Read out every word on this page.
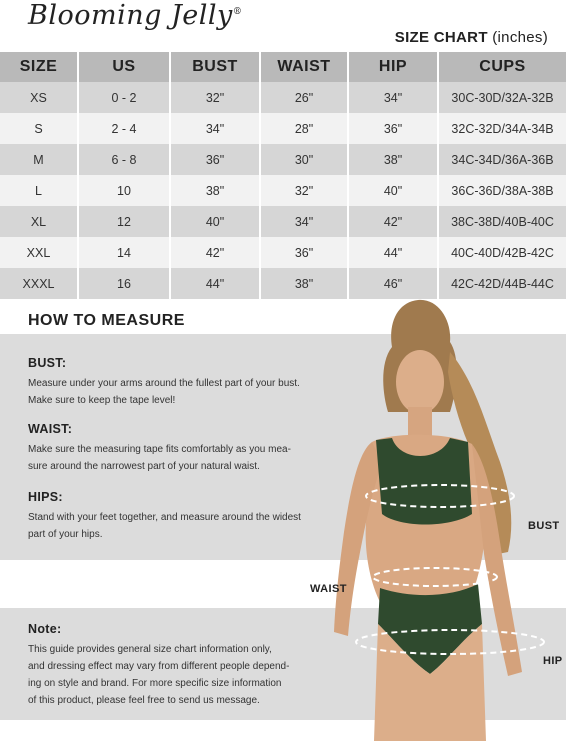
Blooming Jelly®
SIZE CHART (inches)
SIZE	US	BUST	WAIST	HIP	CUPS
XS	0 - 2	32"	26"	34"	30C-30D/32A-32B
S	2 - 4	34"	28"	36"	32C-32D/34A-34B
M	6 - 8	36"	30"	38"	34C-34D/36A-36B
L	10	38"	32"	40"	36C-36D/38A-38B
XL	12	40"	34"	42"	38C-38D/40B-40C
XXL	14	42"	36"	44"	40C-40D/42B-42C
XXXL	16	44"	38"	46"	42C-42D/44B-44C
HOW TO MEASURE
BUST:

Measure under your arms around the fullest part of your bust.

Make sure to keep the tape level!

WAIST:

Make sure the measuring tape fits comfortably as you mea-

sure around the narrowest part of your natural waist.

HIPS:

Stand with your feet together, and measure around the widest

part of your hips.

Note:

This guide provides general size chart information only,

and dressing effect may vary from different people depend-

ing on style and brand. For more specific size information

of this product, please feel free to send us message.

BUST
WAIST
HIP
